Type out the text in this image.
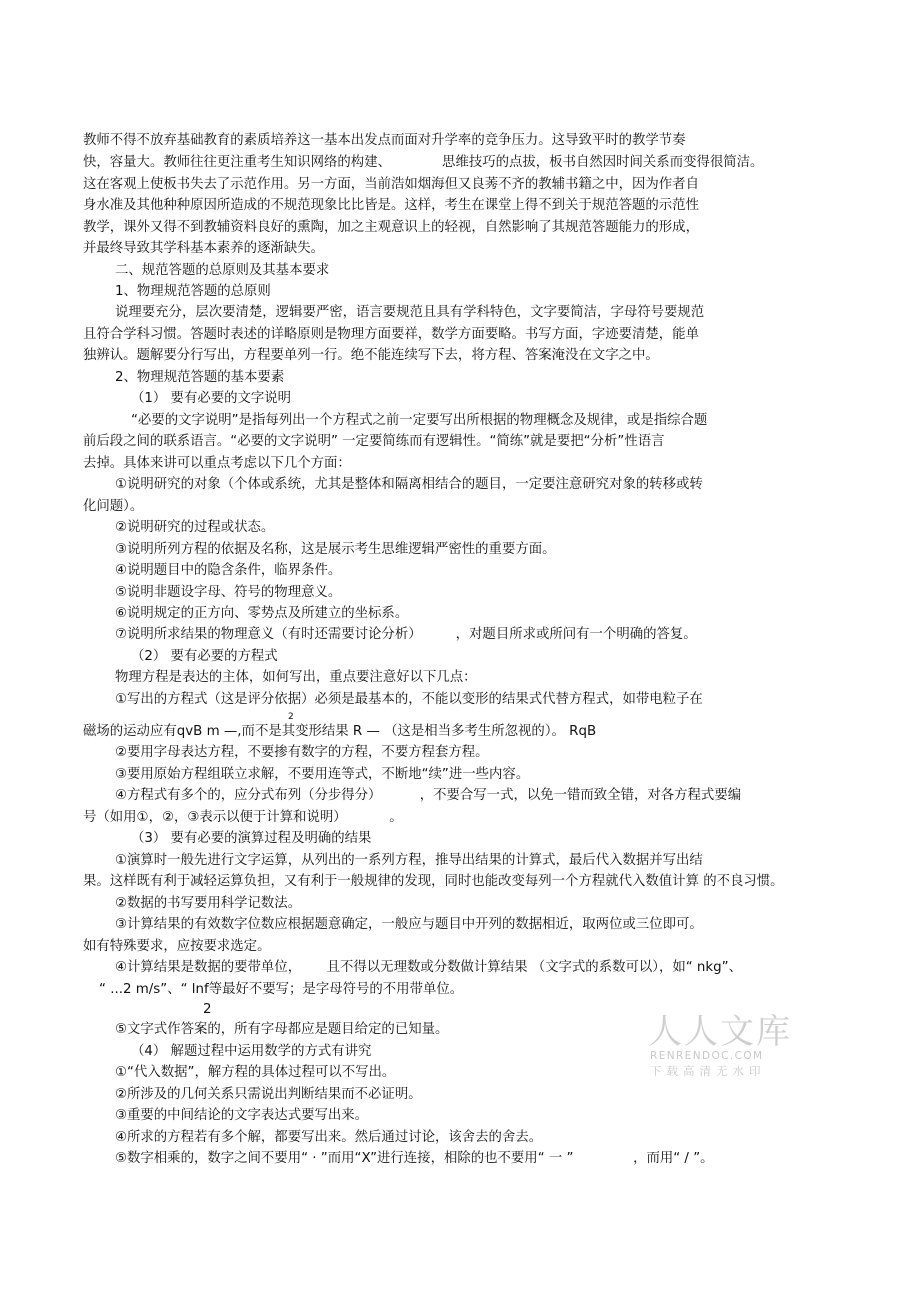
教师不得不放弃基础教育的素质培养这一基本出发点而面对升学率的竞争压力。这导致平时的教学节奏
快，容量大。教师往往更注重考生知识网络的构建、            思维技巧的点拔，板书自然因时间关系而变得很简洁。
这在客观上使板书失去了示范作用。另一方面，当前浩如烟海但又良莠不齐的教辅书籍之中，因为作者自
身水准及其他种种原因所造成的不规范现象比比皆是。这样，考生在课堂上得不到关于规范答题的示范性
教学，课外又得不到教辅资料良好的熏陶，加之主观意识上的轻视，自然影响了其规范答题能力的形成，
并最终导致其学科基本素养的逐渐缺失。
二、规范答题的总原则及其基本要求
1、物理规范答题的总原则
说理要充分，层次要清楚，逻辑要严密，语言要规范且具有学科特色，文字要简洁，字母符号要规范
且符合学科习惯。答题时表述的详略原则是物理方面要祥，数学方面要略。书写方面，字迹要清楚，能单
独辨认。题解要分行写出，方程要单列一行。绝不能连续写下去，将方程、答案淹没在文字之中。
2、物理规范答题的基本要素
（1） 要有必要的文字说明
“必要的文字说明”是指每列出一个方程式之前一定要写出所根据的物理概念及规律，或是指综合题
前后段之间的联系语言。“必要的文字说明” 一定要简练而有逻辑性。“简练”就是要把“分析”性语言
去掉。具体来讲可以重点考虑以下几个方面：
①说明研究的对象（个体或系统，尤其是整体和隔离相结合的题目，一定要注意研究对象的转移或转
化问题）。
②说明研究的过程或状态。
③说明所列方程的依据及名称，这是展示考生思维逻辑严密性的重要方面。
④说明题目中的隐含条件，临界条件。
⑤说明非题设字母、符号的物理意义。
⑥说明规定的正方向、零势点及所建立的坐标系。
⑦说明所求结果的物理意义（有时还需要讨论分析）        ，对题目所求或所问有一个明确的答复。
（2） 要有必要的方程式
物理方程是表达的主体，如何写出，重点要注意好以下几点：
①写出的方程式（这是评分依据）必须是最基本的，不能以变形的结果式代替方程式，如带电粒子在
2
磁场的运动应有qvB m —,而不是其变形结果 R — （这是相当多考生所忽视的）。 RqB
②要用字母表达方程，不要掺有数字的方程，不要方程套方程。
③要用原始方程组联立求解，不要用连等式，不断地“续”进一些内容。
④方程式有多个的，应分式布列（分步得分）         ，不要合写一式，以免一错而致全错，对各方程式要编
号（如用①，②，③表示以便于计算和说明）          。
（3） 要有必要的演算过程及明确的结果
①演算时一般先进行文字运算，从列出的一系列方程，推导出结果的计算式，最后代入数据并写出结
果。这样既有利于减轻运算负担，又有利于一般规律的发现，同时也能改变每列一个方程就代入数值计算 的不良习惯。
②数据的书写要用科学记数法。
③计算结果的有效数字位数应根据题意确定，一般应与题目中开列的数据相近，取两位或三位即可。
如有特殊要求，应按要求选定。
④计算结果是数据的要带单位，      且不得以无理数或分数做计算结果 （文字式的系数可以），如“ nkg”、
“ ...2 m/s”、“ lnf等最好不要写；是字母符号的不用带单位。
2
⑤文字式作答案的，所有字母都应是题目给定的已知量。
（4） 解题过程中运用数学的方式有讲究
①“代入数据”，解方程的具体过程可以不写出。
②所涉及的几何关系只需说出判断结果而不必证明。
③重要的中间结论的文字表达式要写出来。
④所求的方程若有多个解，都要写出来。然后通过讨论，该舍去的舍去。
⑤数字相乘的，数字之间不要用“ · ”而用“X”进行连接，相除的也不要用“ 一 ”              ，而用“ / ”。
人人文库
RENRENDOC.COM
下载高清无水印
